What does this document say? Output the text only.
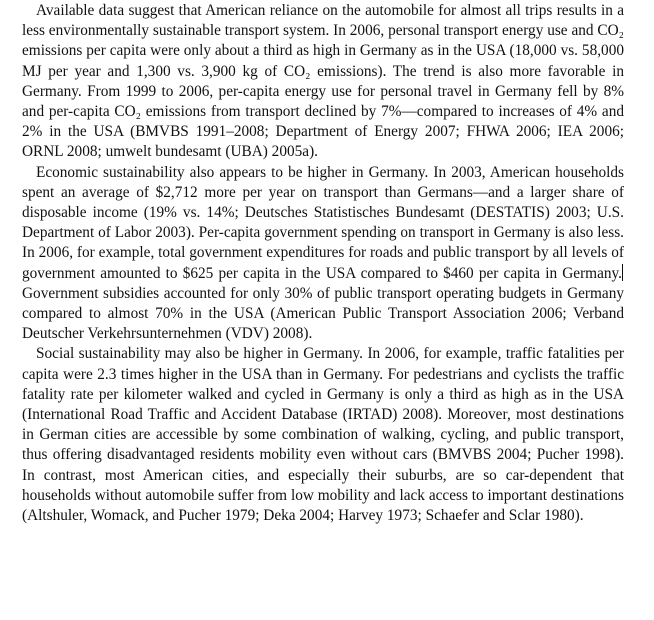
Available data suggest that American reliance on the automobile for almost all trips results in a less environmentally sustainable transport system. In 2006, personal transport energy use and CO₂ emissions per capita were only about a third as high in Germany as in the USA (18,000 vs. 58,000 MJ per year and 1,300 vs. 3,900 kg of CO₂ emissions). The trend is also more favorable in Germany. From 1999 to 2006, per-capita energy use for personal travel in Germany fell by 8% and per-capita CO₂ emissions from transport declined by 7%—compared to increases of 4% and 2% in the USA (BMVBS 1991–2008; Department of Energy 2007; FHWA 2006; IEA 2006; ORNL 2008; umwelt bundesamt (UBA) 2005a).

Economic sustainability also appears to be higher in Germany. In 2003, American households spent an average of $2,712 more per year on transport than Germans—and a larger share of disposable income (19% vs. 14%; Deutsches Statistisches Bundesamt (DESTATIS) 2003; U.S. Department of Labor 2003). Per-capita government spending on transport in Germany is also less. In 2006, for example, total government expenditures for roads and public transport by all levels of government amounted to $625 per capita in the USA compared to $460 per capita in Germany.Government subsidies accounted for only 30% of public transport operating budgets in Germany compared to almost 70% in the USA (American Public Transport Association 2006; Verband Deutscher Verkehrsunternehmen (VDV) 2008).

Social sustainability may also be higher in Germany. In 2006, for example, traffic fatalities per capita were 2.3 times higher in the USA than in Germany. For pedestrians and cyclists the traffic fatality rate per kilometer walked and cycled in Germany is only a third as high as in the USA (International Road Traffic and Accident Database (IRTAD) 2008). Moreover, most destinations in German cities are accessible by some combination of walking, cycling, and public transport, thus offering disadvantaged residents mobility even without cars (BMVBS 2004; Pucher 1998). In contrast, most American cities, and especially their suburbs, are so car-dependent that households without automobile suffer from low mobility and lack access to important destinations (Altshuler, Womack, and Pucher 1979; Deka 2004; Harvey 1973; Schaefer and Sclar 1980).
